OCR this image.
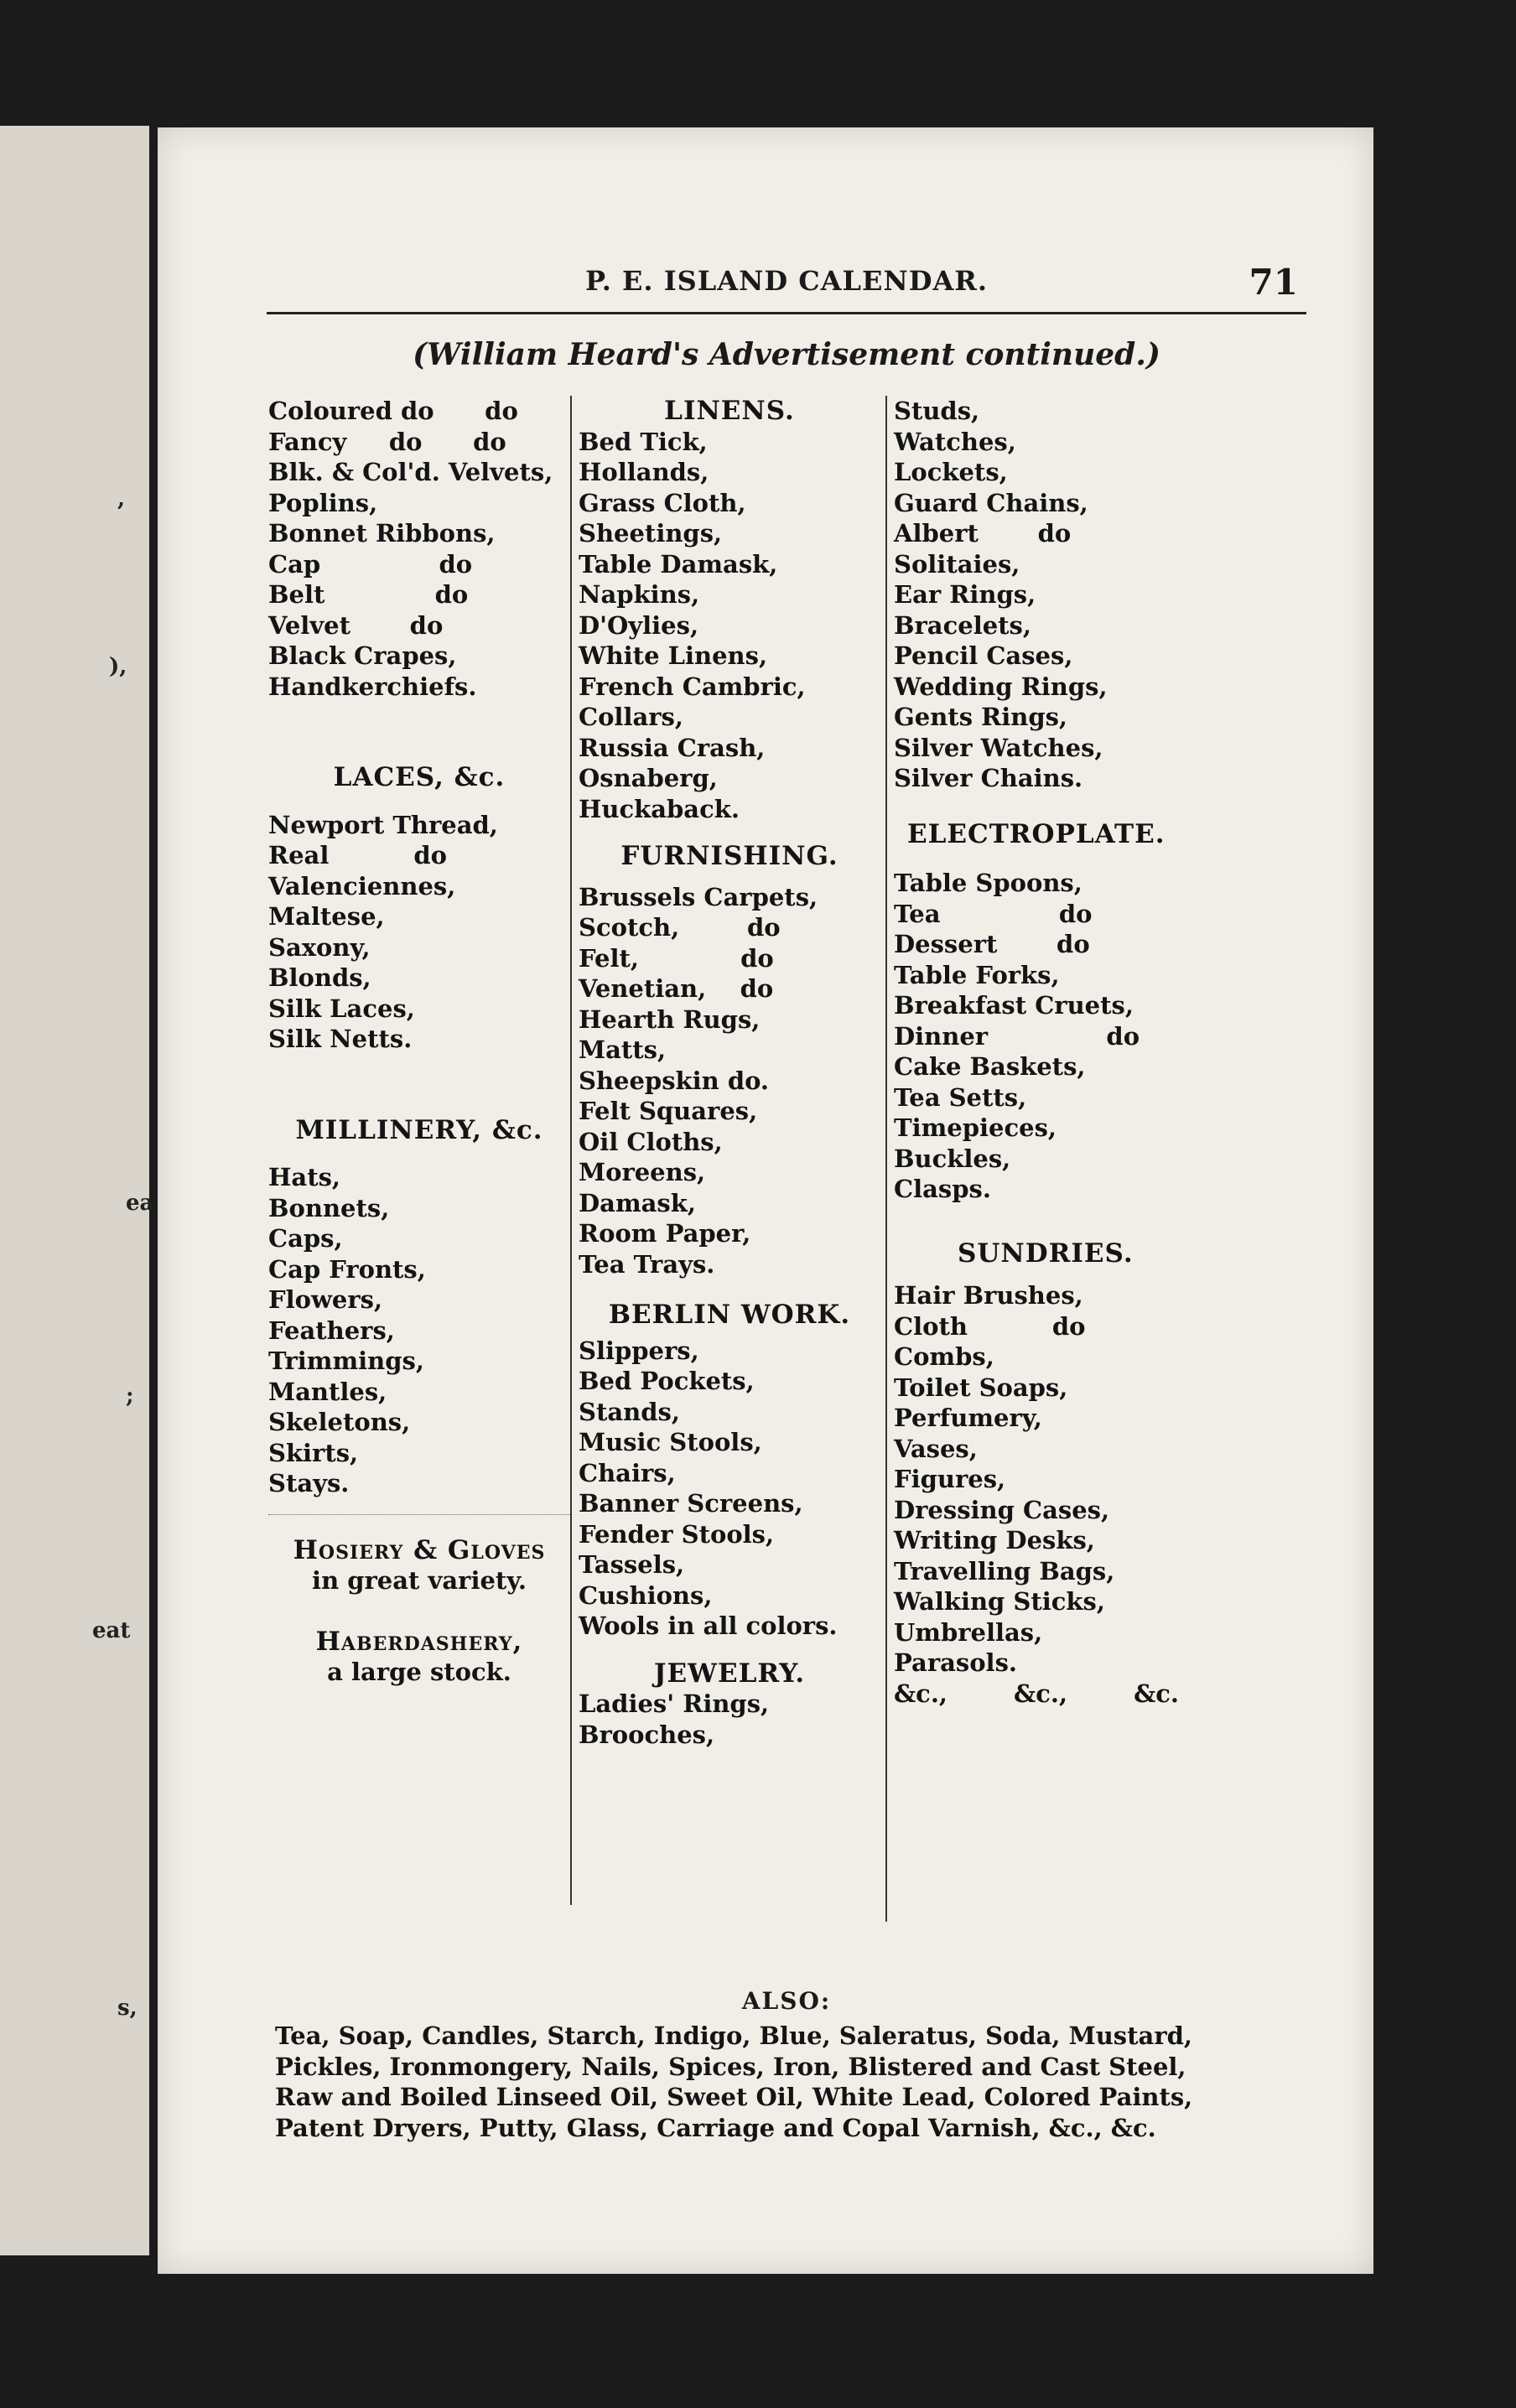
,
),
ea
eat
;
s,
P. E. ISLAND CALENDAR.	71
(William Heard's Advertisement continued.)
Coloured do      do
Fancy     do      do
Blk. & Col'd. Velvets,
Poplins,
Bonnet Ribbons,
Cap              do
Belt             do
Velvet       do
Black Crapes,
Handkerchiefs.
LACES, &c.
Newport Thread,
Real          do
Valenciennes,
Maltese,
Saxony,
Blonds,
Silk Laces,
Silk Netts.
MILLINERY, &c.
Hats,
Bonnets,
Caps,
Cap Fronts,
Flowers,
Feathers,
Trimmings,
Mantles,
Skeletons,
Skirts,
Stays.
Hosiery & Gloves
in great variety.
Haberdashery,
a large stock.
LINENS.
Bed Tick,
Hollands,
Grass Cloth,
Sheetings,
Table Damask,
Napkins,
D'Oylies,
White Linens,
French Cambric,
Collars,
Russia Crash,
Osnaberg,
Huckaback.
FURNISHING.
Brussels Carpets,
Scotch,        do
Felt,            do
Venetian,    do
Hearth Rugs,
Matts,
Sheepskin do.
Felt Squares,
Oil Cloths,
Moreens,
Damask,
Room Paper,
Tea Trays.
BERLIN WORK.
Slippers,
Bed Pockets,
Stands,
Music Stools,
Chairs,
Banner Screens,
Fender Stools,
Tassels,
Cushions,
Wools in all colors.
JEWELRY.
Ladies' Rings,
Brooches,
Studs,
Watches,
Lockets,
Guard Chains,
Albert       do
Solitaies,
Ear Rings,
Bracelets,
Pencil Cases,
Wedding Rings,
Gents Rings,
Silver Watches,
Silver Chains.
ELECTROPLATE.
Table Spoons,
Tea              do
Dessert       do
Table Forks,
Breakfast Cruets,
Dinner              do
Cake Baskets,
Tea Setts,
Timepieces,
Buckles,
Clasps.
SUNDRIES.
Hair Brushes,
Cloth          do
Combs,
Toilet Soaps,
Perfumery,
Vases,
Figures,
Dressing Cases,
Writing Desks,
Travelling Bags,
Walking Sticks,
Umbrellas,
Parasols.
&c.,	&c.,	&c.
ALSO:
Tea, Soap, Candles, Starch, Indigo, Blue, Saleratus, Soda, Mustard,
Pickles, Ironmongery, Nails, Spices, Iron, Blistered and Cast Steel,
Raw and Boiled Linseed Oil, Sweet Oil, White Lead, Colored Paints,
Patent Dryers, Putty, Glass, Carriage and Copal Varnish, &c., &c.
